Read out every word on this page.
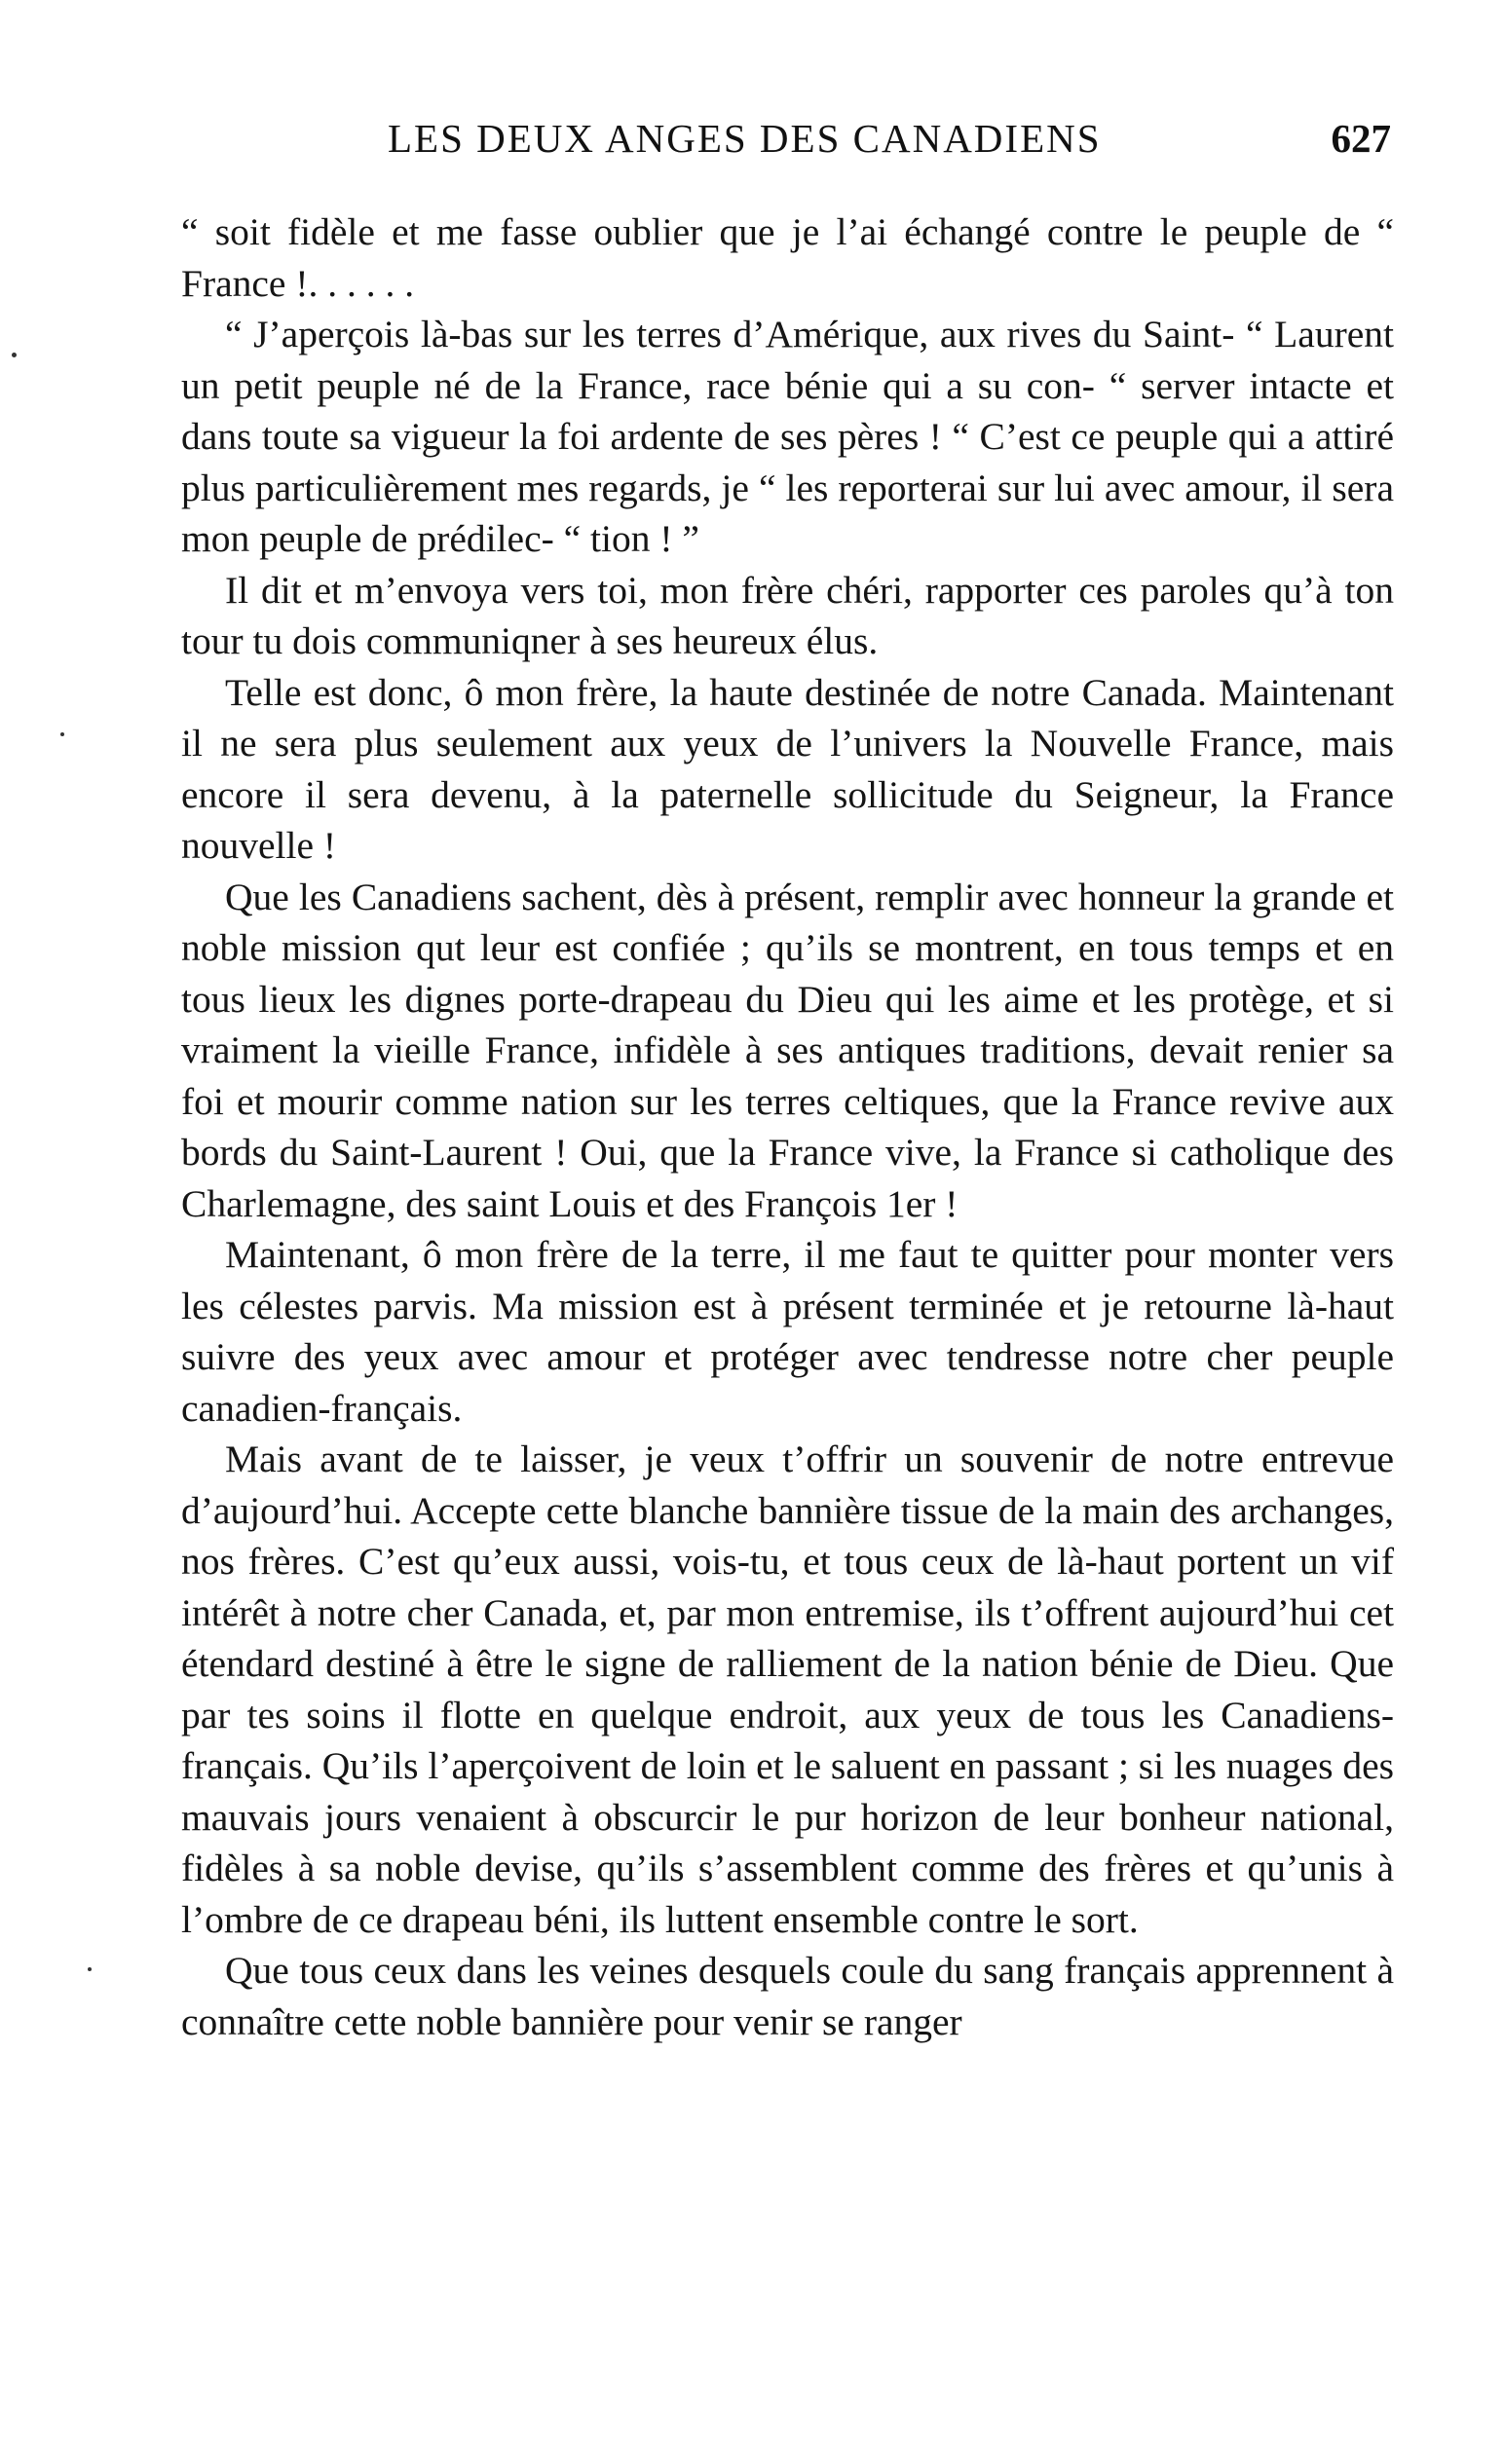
LES DEUX ANGES DES CANADIENS	627

“ soit fidèle et me fasse oublier que je l’ai échangé contre le peuple de “ France !. . . . . .

“ J’aperçois là-bas sur les terres d’Amérique, aux rives du Saint- “ Laurent un petit peuple né de la France, race bénie qui a su con- “ server intacte et dans toute sa vigueur la foi ardente de ses pères ! “ C’est ce peuple qui a attiré plus particulièrement mes regards, je “ les reporterai sur lui avec amour, il sera mon peuple de prédilec- “ tion ! ”

Il dit et m’envoya vers toi, mon frère chéri, rapporter ces paroles qu’à ton tour tu dois communiqner à ses heureux élus.

Telle est donc, ô mon frère, la haute destinée de notre Canada. Maintenant il ne sera plus seulement aux yeux de l’univers la Nouvelle France, mais encore il sera devenu, à la paternelle sollicitude du Seigneur, la France nouvelle !

Que les Canadiens sachent, dès à présent, remplir avec honneur la grande et noble mission qut leur est confiée ; qu’ils se montrent, en tous temps et en tous lieux les dignes porte-drapeau du Dieu qui les aime et les protège, et si vraiment la vieille France, infidèle à ses antiques traditions, devait renier sa foi et mourir comme nation sur les terres celtiques, que la France revive aux bords du Saint-Laurent ! Oui, que la France vive, la France si catholique des Charlemagne, des saint Louis et des François 1er !

Maintenant, ô mon frère de la terre, il me faut te quitter pour monter vers les célestes parvis. Ma mission est à présent terminée et je retourne là-haut suivre des yeux avec amour et protéger avec tendresse notre cher peuple canadien-français.

Mais avant de te laisser, je veux t’offrir un souvenir de notre entrevue d’aujourd’hui. Accepte cette blanche bannière tissue de la main des archanges, nos frères. C’est qu’eux aussi, vois-tu, et tous ceux de là-haut portent un vif intérêt à notre cher Canada, et, par mon entremise, ils t’offrent aujourd’hui cet étendard destiné à être le signe de ralliement de la nation bénie de Dieu. Que par tes soins il flotte en quelque endroit, aux yeux de tous les Canadiens-français. Qu’ils l’aperçoivent de loin et le saluent en passant ; si les nuages des mauvais jours venaient à obscurcir le pur horizon de leur bonheur national, fidèles à sa noble devise, qu’ils s’assemblent comme des frères et qu’unis à l’ombre de ce drapeau béni, ils luttent ensemble contre le sort.

Que tous ceux dans les veines desquels coule du sang français apprennent à connaître cette noble bannière pour venir se ranger
